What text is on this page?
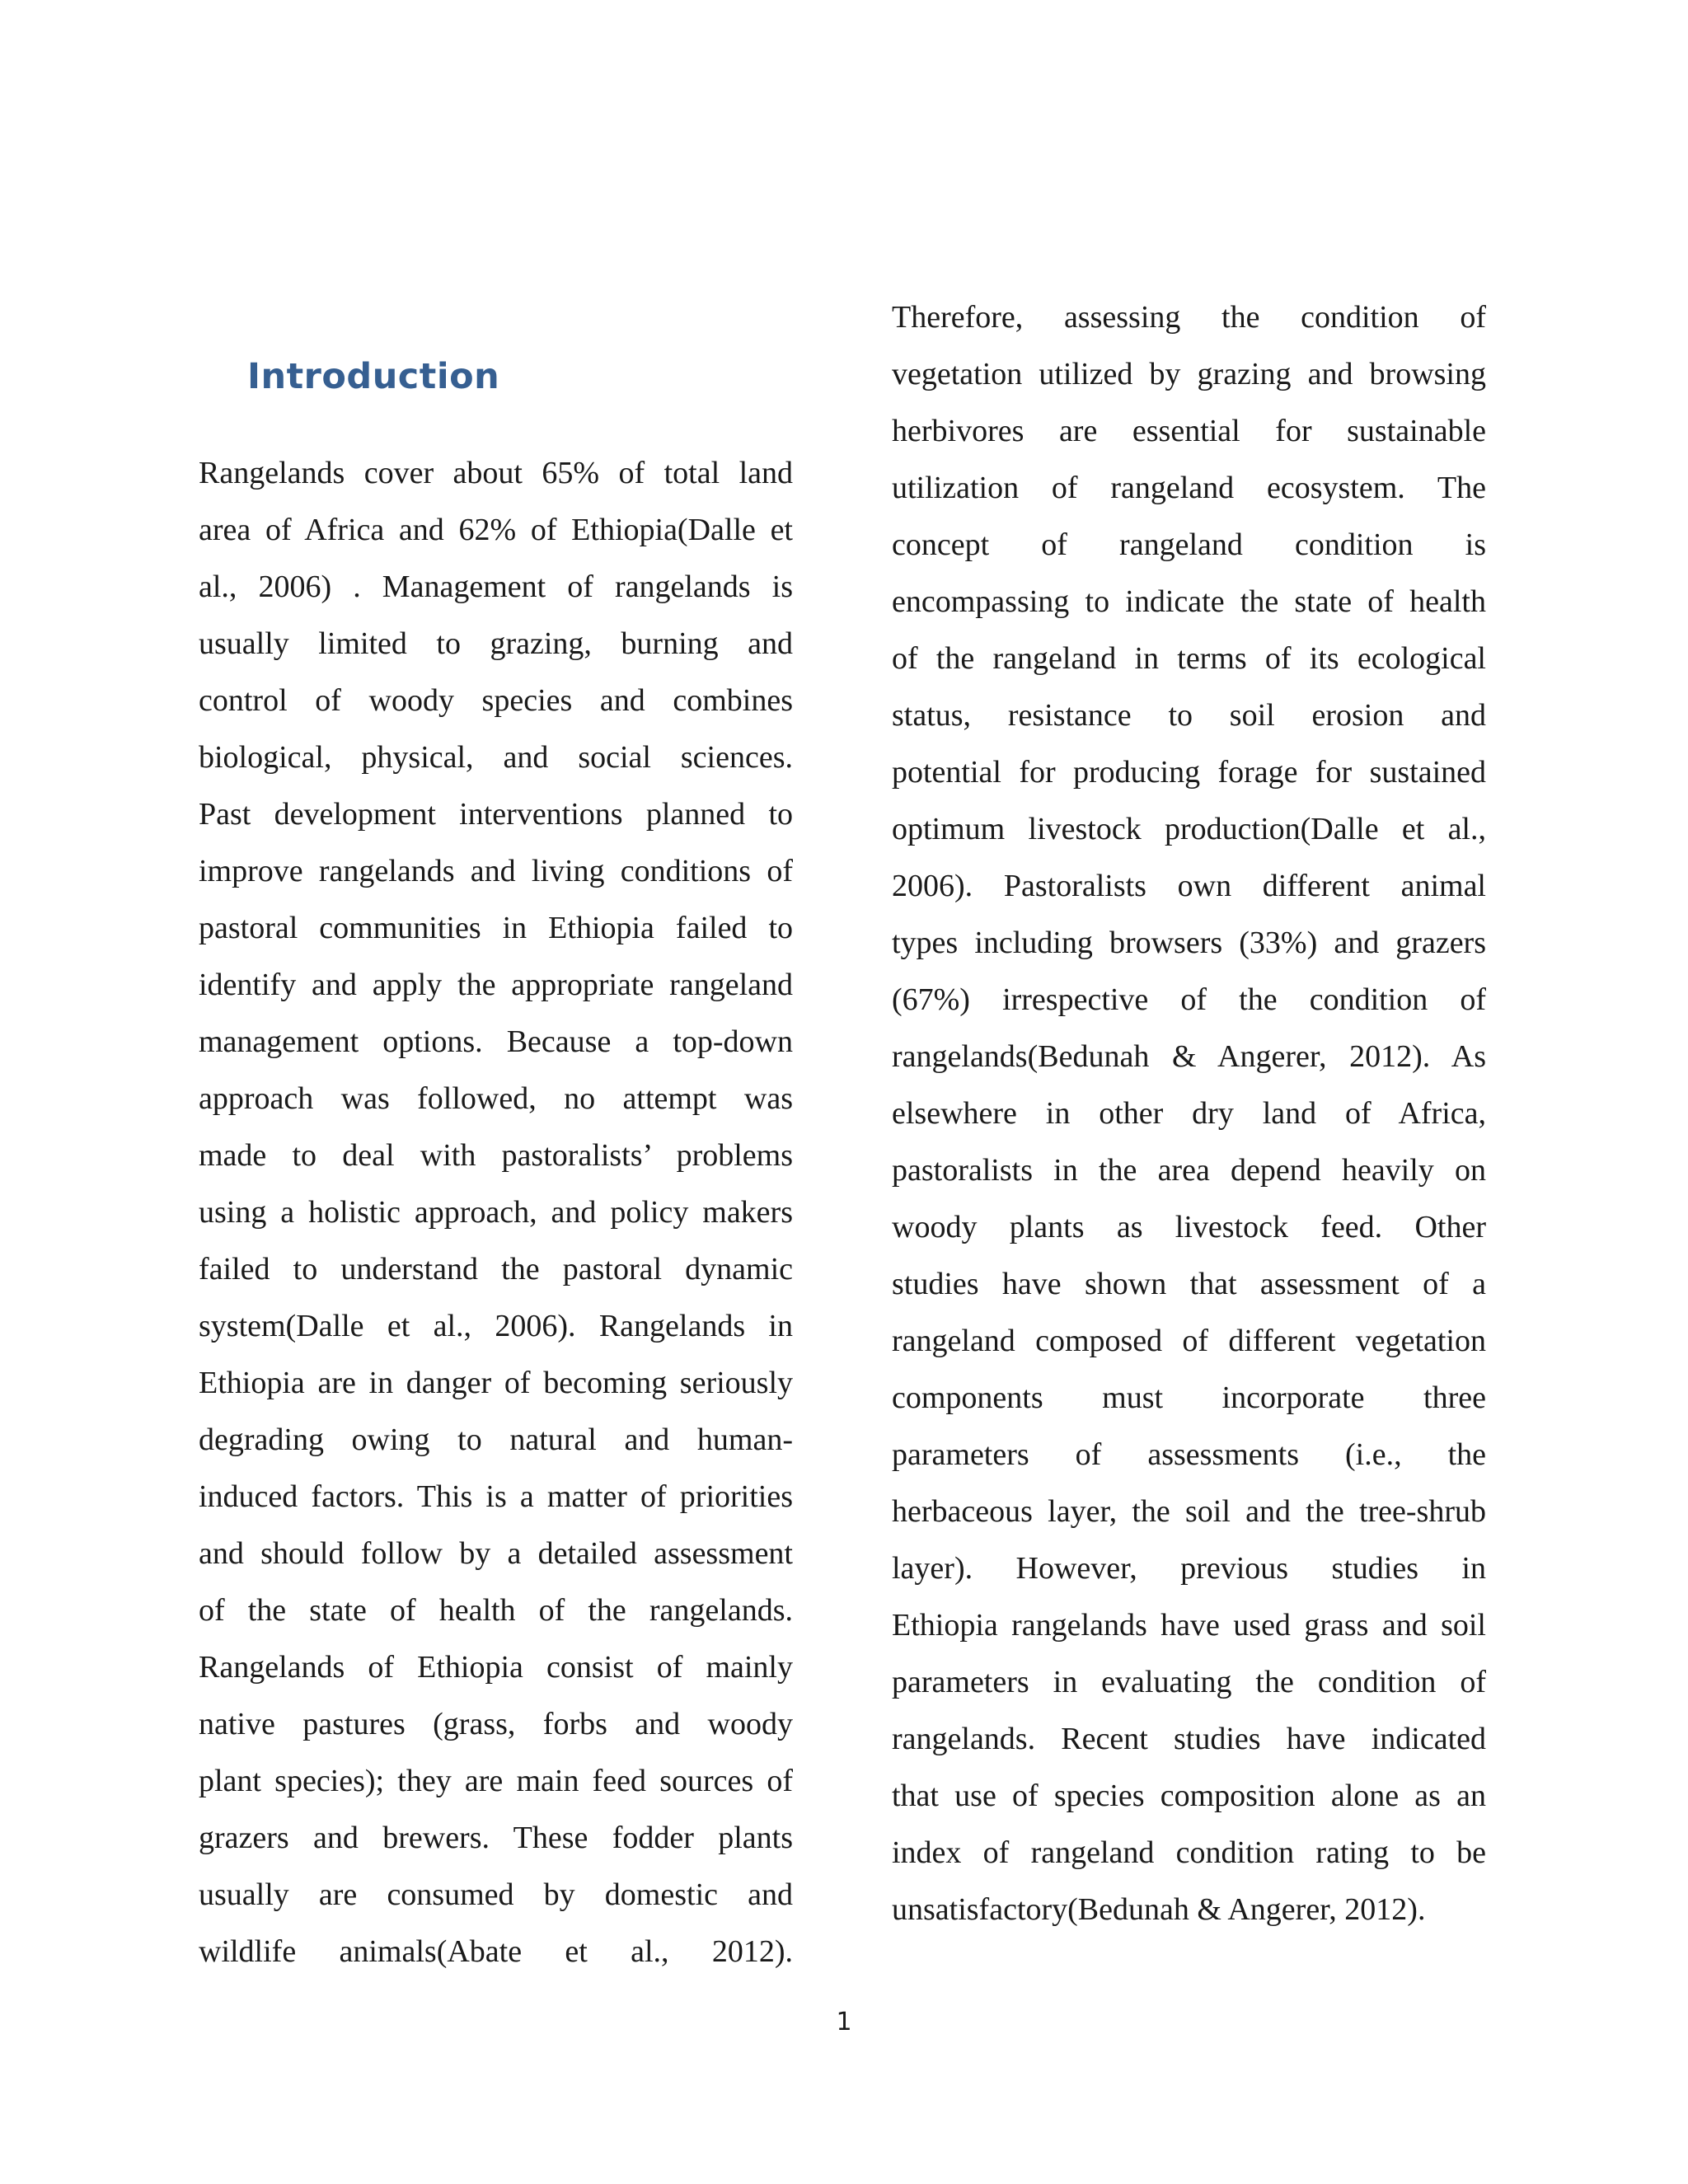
Introduction
Rangelands cover about 65% of total land
area of Africa and 62% of Ethiopia(Dalle et
al., 2006) . Management of rangelands is
usually limited to grazing, burning and
control of woody species and combines
biological, physical, and social sciences.
Past development interventions planned to
improve rangelands and living conditions of
pastoral communities in Ethiopia failed to
identify and apply the appropriate rangeland
management options. Because a top-down
approach was followed, no attempt was
made to deal with pastoralists’ problems
using a holistic approach, and policy makers
failed to understand the pastoral dynamic
system(Dalle et al., 2006). Rangelands in
Ethiopia are in danger of becoming seriously
degrading owing to natural and human-
induced factors. This is a matter of priorities
and should follow by a detailed assessment
of the state of health of the rangelands.
Rangelands of Ethiopia consist of mainly
native pastures (grass, forbs and woody
plant species); they are main feed sources of
grazers and brewers. These fodder plants
usually are consumed by domestic and
wildlife animals(Abate et al., 2012).
Therefore, assessing the condition of
vegetation utilized by grazing and browsing
herbivores are essential for sustainable
utilization of rangeland ecosystem. The
concept of rangeland condition is
encompassing to indicate the state of health
of the rangeland in terms of its ecological
status, resistance to soil erosion and
potential for producing forage for sustained
optimum livestock production(Dalle et al.,
2006). Pastoralists own different animal
types including browsers (33%) and grazers
(67%) irrespective of the condition of
rangelands(Bedunah & Angerer, 2012). As
elsewhere in other dry land of Africa,
pastoralists in the area depend heavily on
woody plants as livestock feed. Other
studies have shown that assessment of a
rangeland composed of different vegetation
components must incorporate three
parameters of assessments (i.e., the
herbaceous layer, the soil and the tree-shrub
layer). However, previous studies in
Ethiopia rangelands have used grass and soil
parameters in evaluating the condition of
rangelands. Recent studies have indicated
that use of species composition alone as an
index of rangeland condition rating to be
unsatisfactory(Bedunah & Angerer, 2012).
1
